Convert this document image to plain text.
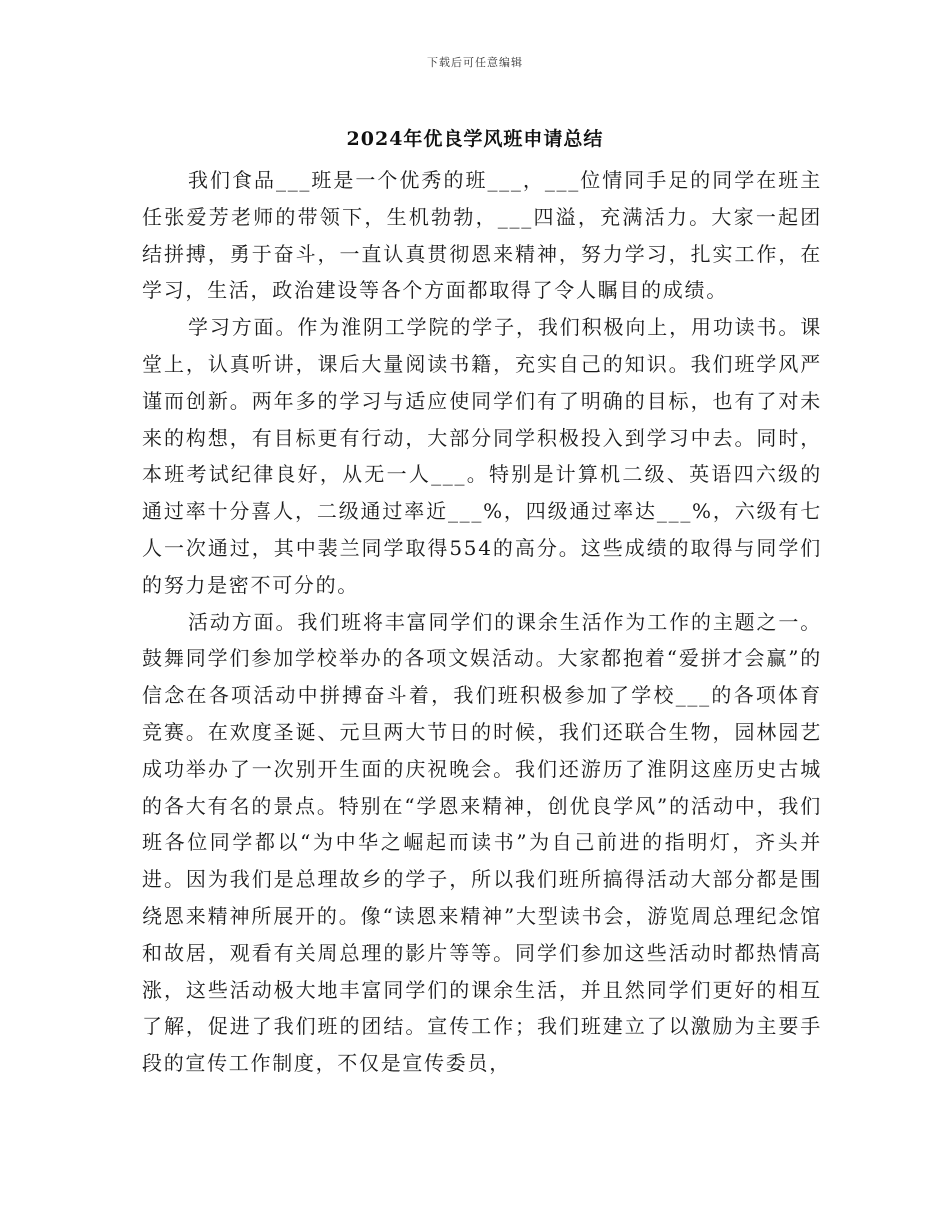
下载后可任意编辑
2024年优良学风班申请总结

我们食品___班是一个优秀的班___，___位情同手足的同学在班主任张爱芳老师的带领下，生机勃勃，___四溢，充满活力。大家一起团结拼搏，勇于奋斗，一直认真贯彻恩来精神，努力学习，扎实工作，在学习，生活，政治建设等各个方面都取得了令人瞩目的成绩。

学习方面。作为淮阴工学院的学子，我们积极向上，用功读书。课堂上，认真听讲，课后大量阅读书籍，充实自己的知识。我们班学风严谨而创新。两年多的学习与适应使同学们有了明确的目标，也有了对未来的构想，有目标更有行动，大部分同学积极投入到学习中去。同时，本班考试纪律良好，从无一人___。特别是计算机二级、英语四六级的通过率十分喜人，二级通过率近___%，四级通过率达___%，六级有七人一次通过，其中裴兰同学取得554的高分。这些成绩的取得与同学们的努力是密不可分的。

活动方面。我们班将丰富同学们的课余生活作为工作的主题之一。鼓舞同学们参加学校举办的各项文娱活动。大家都抱着“爱拼才会赢”的信念在各项活动中拼搏奋斗着，我们班积极参加了学校___的各项体育竞赛。在欢度圣诞、元旦两大节日的时候，我们还联合生物，园林园艺成功举办了一次别开生面的庆祝晚会。我们还游历了淮阴这座历史古城的各大有名的景点。特别在“学恩来精神，创优良学风”的活动中，我们班各位同学都以“为中华之崛起而读书”为自己前进的指明灯，齐头并进。因为我们是总理故乡的学子，所以我们班所搞得活动大部分都是围绕恩来精神所展开的。像“读恩来精神”大型读书会，游览周总理纪念馆和故居，观看有关周总理的影片等等。同学们参加这些活动时都热情高涨，这些活动极大地丰富同学们的课余生活，并且然同学们更好的相互了解，促进了我们班的团结。宣传工作；我们班建立了以激励为主要手段的宣传工作制度，不仅是宣传委员，
